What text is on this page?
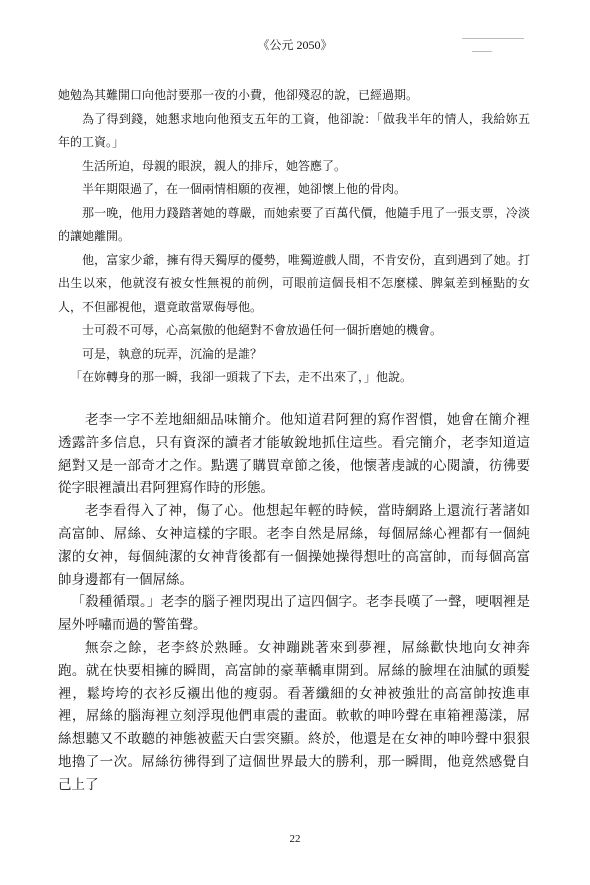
《公元 2050》

她勉為其難開口向他討要那一夜的小費，他卻殘忍的說，已經過期。

為了得到錢，她懇求地向他預支五年的工資，他卻說：「做我半年的情人，我給妳五年的工資。」

生活所迫，母親的眼淚，親人的排斥，她答應了。

半年期限過了，在一個兩情相願的夜裡，她卻懷上他的骨肉。

那一晚，他用力踐踏著她的尊嚴，而她索要了百萬代價，他隨手甩了一張支票，冷淡的讓她離開。

他，富家少爺，擁有得天獨厚的優勢，唯獨遊戲人間，不肯安份，直到遇到了她。打出生以來，他就沒有被女性無視的前例，可眼前這個長相不怎麼樣、脾氣差到極點的女人，不但鄙視他，還竟敢當眾侮辱他。

士可殺不可辱，心高氣傲的他絕對不會放過任何一個折磨她的機會。

可是，執意的玩弄，沉淪的是誰？

「在妳轉身的那一瞬，我卻一頭栽了下去，走不出來了，」他說。

老李一字不差地細細品味簡介。他知道君阿狸的寫作習慣，她會在簡介裡透露許多信息，只有資深的讀者才能敏銳地抓住這些。看完簡介，老李知道這絕對又是一部奇才之作。點選了購買章節之後，他懷著虔誠的心閱讀，彷彿要從字眼裡讀出君阿狸寫作時的形態。

老李看得入了神，傷了心。他想起年輕的時候，當時網路上還流行著諸如高富帥、屌絲、女神這樣的字眼。老李自然是屌絲，每個屌絲心裡都有一個純潔的女神，每個純潔的女神背後都有一個操她操得想吐的高富帥，而每個高富帥身邊都有一個屌絲。

「殺種循環。」老李的腦子裡閃現出了這四個字。老李長嘆了一聲，哽咽裡是屋外呼嘯而過的警笛聲。

無奈之餘，老李終於熟睡。女神蹦跳著來到夢裡，屌絲歡快地向女神奔跑。就在快要相擁的瞬間，高富帥的豪華轎車開到。屌絲的臉埋在油膩的頭髮裡，鬆垮垮的衣衫反襯出他的瘦弱。看著纖細的女神被強壯的高富帥按進車裡，屌絲的腦海裡立刻浮現他們車震的畫面。軟軟的呻吟聲在車箱裡蕩漾，屌絲想聽又不敢聽的神態被藍天白雲突顯。終於，他還是在女神的呻吟聲中狠狠地擼了一次。屌絲彷彿得到了這個世界最大的勝利，那一瞬間，他竟然感覺自己上了

22
